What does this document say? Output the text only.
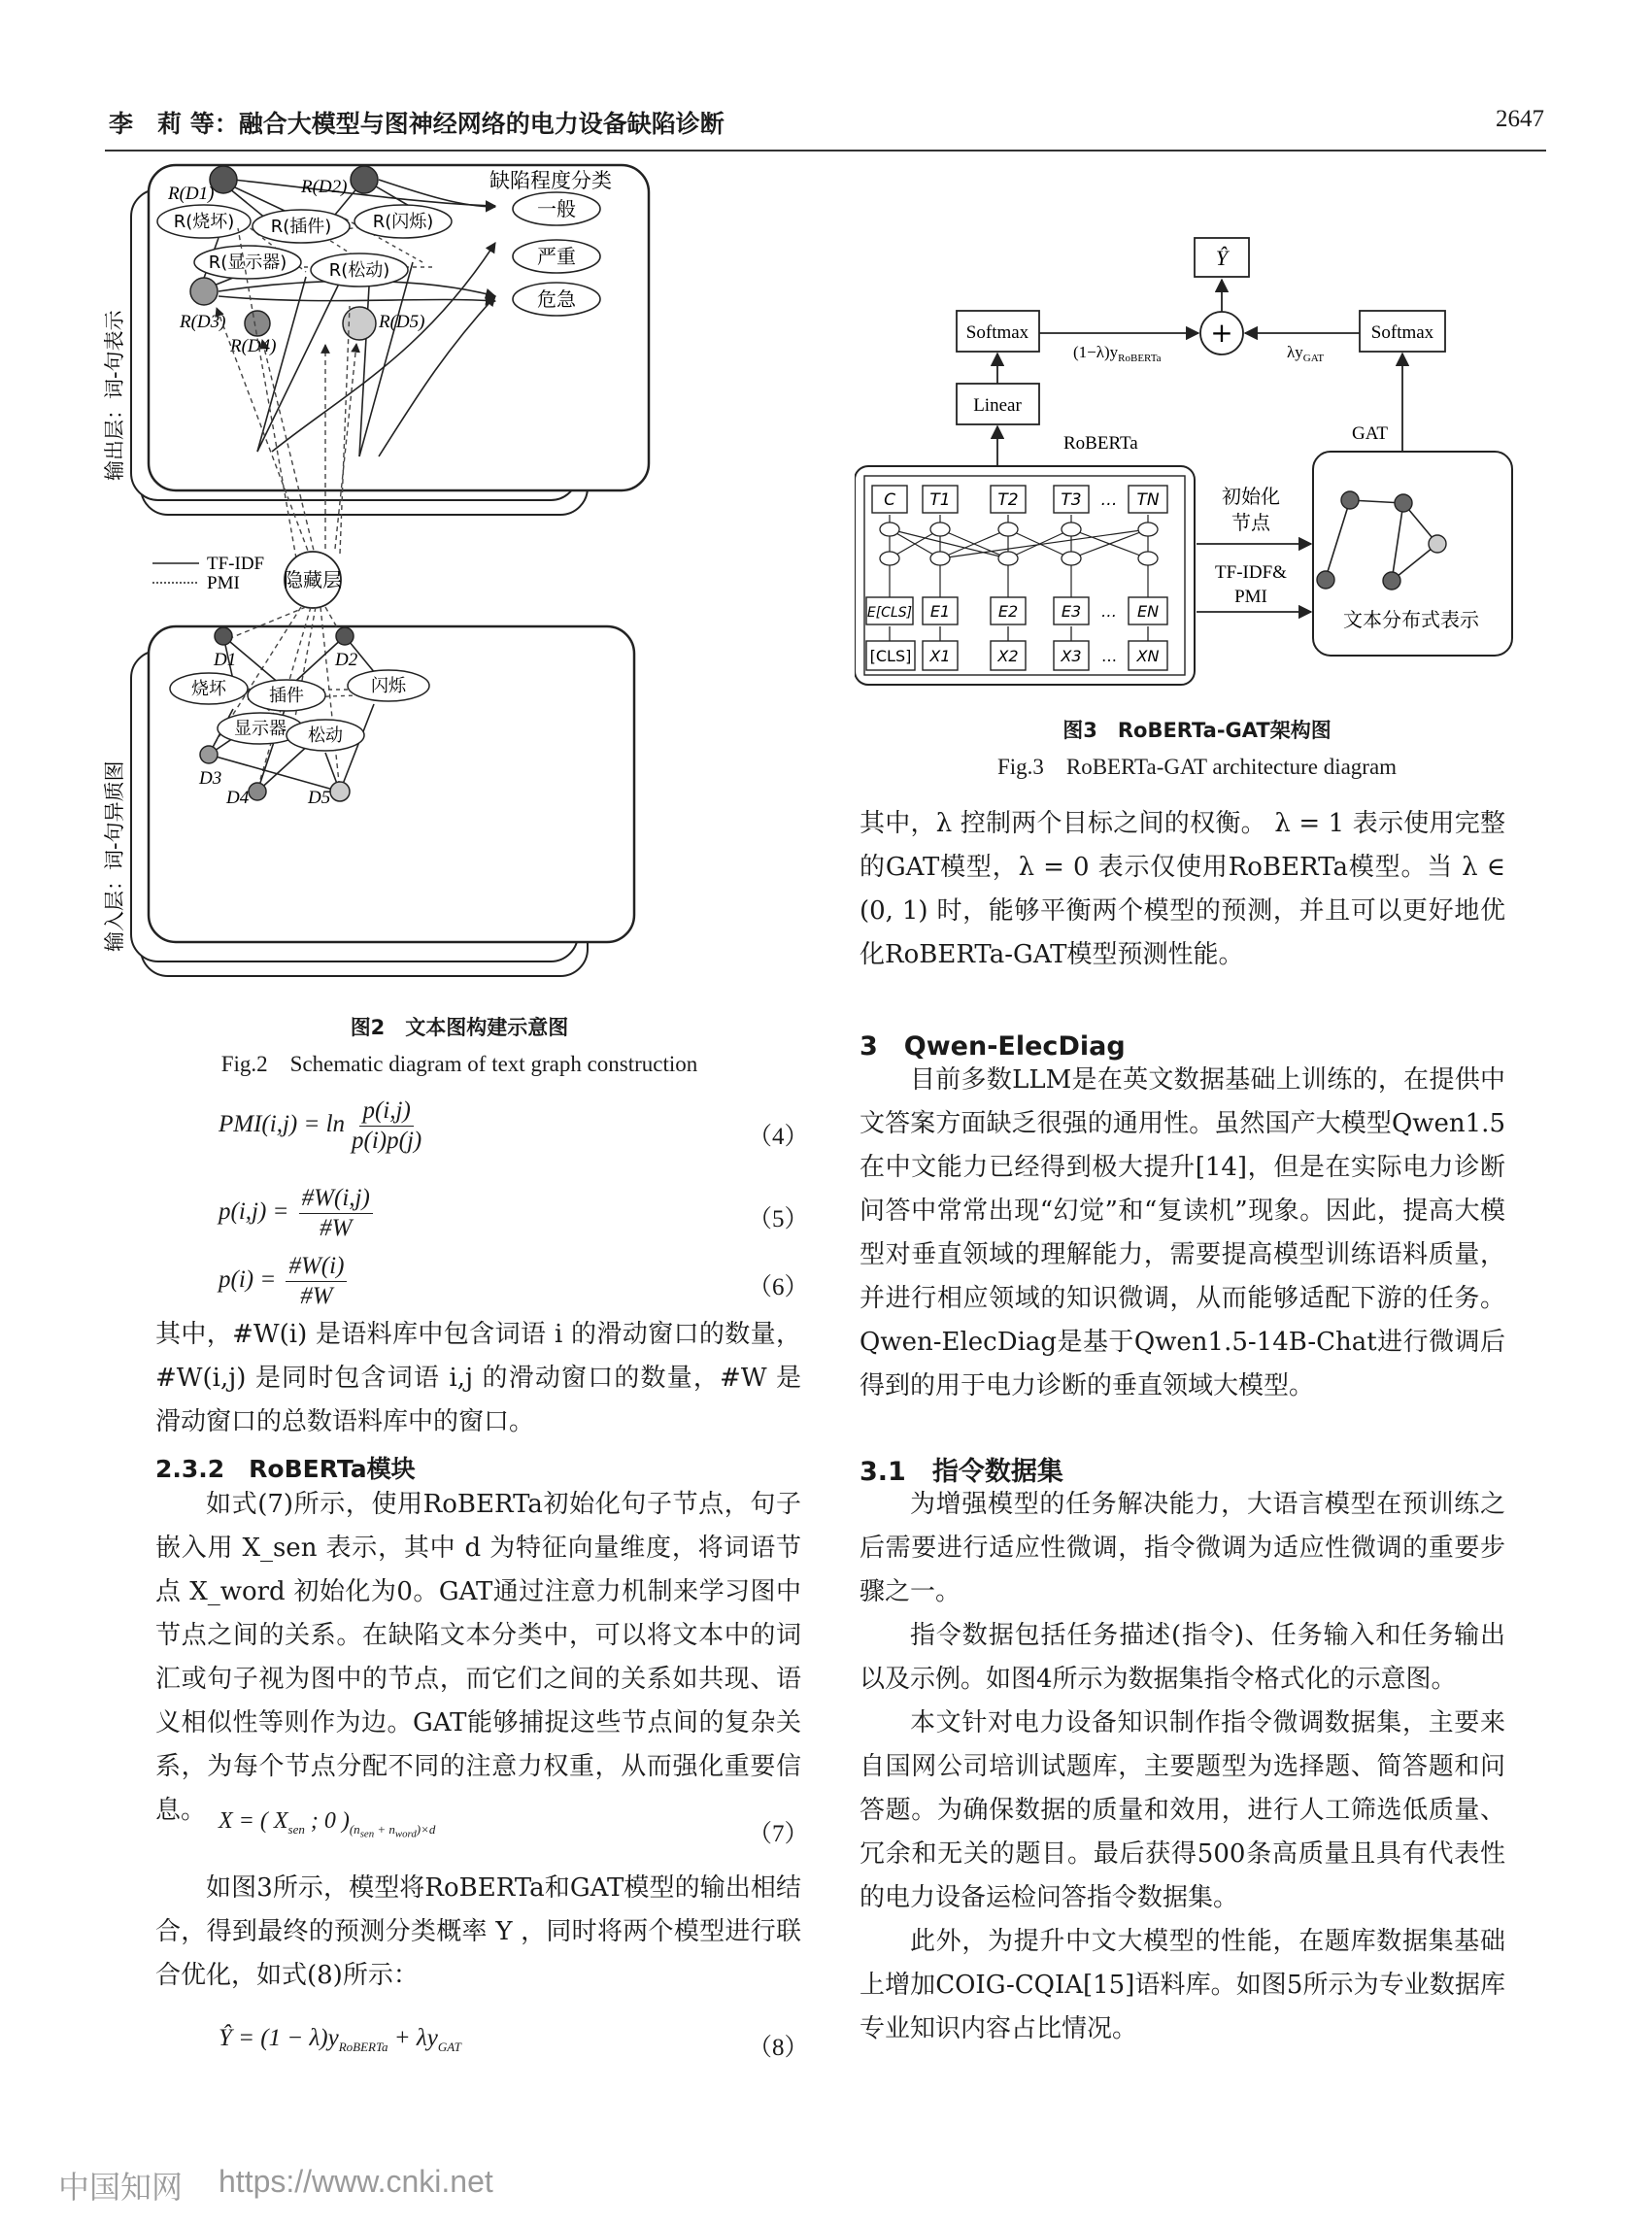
李　莉 等：融合大模型与图神经网络的电力设备缺陷诊断	2647
输出层：词-句表示
输入层：词-句异质图
R(D1)	R(D2)
R(D3)
R(D4)
R(D5)
R(烧坏) R(插件) R(闪烁)
R(显示器) R(松动)
缺陷程度分类
一般
严重
危急
隐藏层
TF-IDF
PMI
烧坏 插件	闪烁
显示器 松动
D1	D2
D3
D4	D5
图2　文本图构建示意图
Fig.2　Schematic diagram of text graph construction
$PMI(i,j) = \ln \frac{p(i,j)}{p(i)p(j)}$	（4）
$p(i,j) = \frac{\#W(i,j)}{\#W}$	（5）
$p(i) = \frac{\#W(i)}{\#W}$	（6）

其中，#W(i) 是语料库中包含词语 i 的滑动窗口的数量，#W(i,j) 是同时包含词语 i,j 的滑动窗口的数量，#W 是滑动窗口的总数语料库中的窗口。

2.3.2　RoBERTa模块

如式(7)所示，使用RoBERTa初始化句子节点，句子嵌入用 X_sen 表示，其中 d 为特征向量维度，将词语节点 X_word 初始化为0。GAT通过注意力机制来学习图中节点之间的关系。在缺陷文本分类中，可以将文本中的词汇或句子视为图中的节点，而它们之间的关系如共现、语义相似性等则作为边。GAT能够捕捉这些节点间的复杂关系，为每个节点分配不同的注意力权重，从而强化重要信息。 X = ( $X_{sen}$ ; 0 )$_{(n_{sen} + n_{word})\times d}$	（7）

如图3所示，模型将RoBERTa和GAT模型的输出相结合，得到最终的预测分类概率 Y ，同时将两个模型进行联合优化，如式(8)所示：

Ŷ = $(1 - \lambda)y_{RoBERTa} + \lambda y_{GAT}$	（8）
Ŷ
+
Softmax	Softmax
$(1-\lambda)y_{RoBERTa}$	$\lambda y_{GAT}$
Linear
RoBERTa	GAT
C T1	T2	T3 … TN
E[CLS] E1	E2	E3 … EN
[CLS] X1	X2	X3 … XN
初始化
节点
TF-IDF&
PMI
文本分布式表示
图3　RoBERTa-GAT架构图
Fig.3　RoBERTa-GAT architecture diagram

其中，λ 控制两个目标之间的权衡。 λ = 1 表示使用完整的GAT模型，λ = 0 表示仅使用RoBERTa模型。当 λ ∈ (0, 1) 时，能够平衡两个模型的预测，并且可以更好地优化RoBERTa-GAT模型预测性能。

3　Qwen-ElecDiag

目前多数LLM是在英文数据基础上训练的，在提供中文答案方面缺乏很强的通用性。虽然国产大模型Qwen1.5在中文能力已经得到极大提升[14]，但是在实际电力诊断问答中常常出现“幻觉”和“复读机”现象。因此，提高大模型对垂直领域的理解能力，需要提高模型训练语料质量，并进行相应领域的知识微调，从而能够适配下游的任务。Qwen-ElecDiag是基于Qwen1.5-14B-Chat进行微调后得到的用于电力诊断的垂直领域大模型。

3.1　指令数据集

为增强模型的任务解决能力，大语言模型在预训练之后需要进行适应性微调，指令微调为适应性微调的重要步骤之一。

指令数据包括任务描述(指令)、任务输入和任务输出以及示例。如图4所示为数据集指令格式化的示意图。

本文针对电力设备知识制作指令微调数据集，主要来自国网公司培训试题库，主要题型为选择题、简答题和问答题。为确保数据的质量和效用，进行人工筛选低质量、冗余和无关的题目。最后获得500条高质量且具有代表性的电力设备运检问答指令数据集。

此外，为提升中文大模型的性能，在题库数据集基础上增加COIG-CQIA[15]语料库。如图5所示为专业数据库专业知识内容占比情况。

中国知网 https://www.cnki.net
